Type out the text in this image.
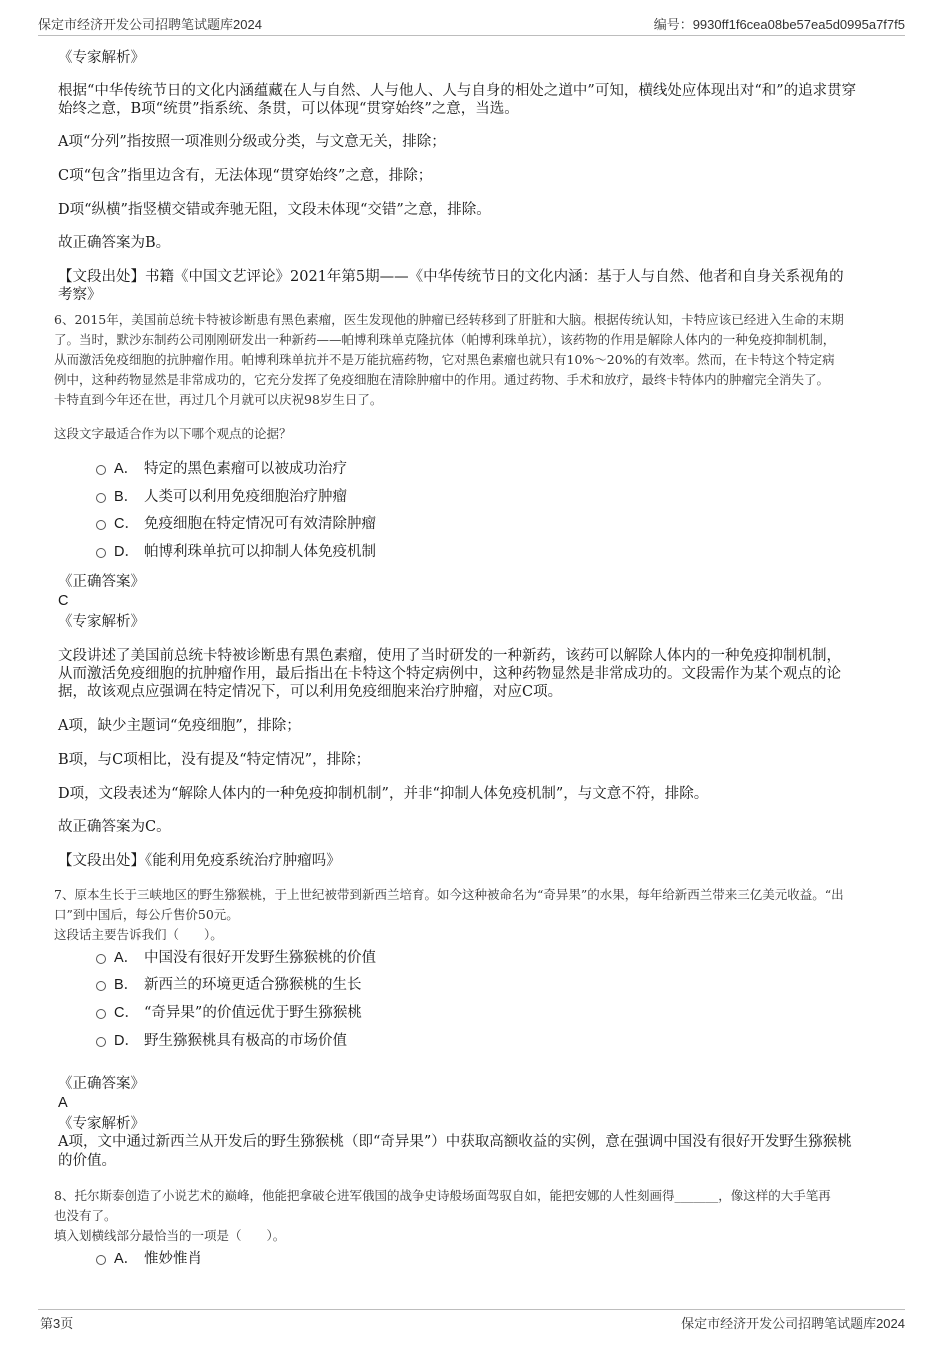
保定市经济开发公司招聘笔试题库2024	编号：9930ff1f6cea08be57ea5d0995a7f7f5
《专家解析》
根据“中华传统节日的文化内涵蕴藏在人与自然、人与他人、人与自身的相处之道中”可知，横线处应体现出对“和”的追求贯穿
始终之意，B项“统贯”指系统、条贯，可以体现“贯穿始终”之意，当选。
A项“分列”指按照一项准则分级或分类，与文意无关，排除；
C项“包含”指里边含有，无法体现“贯穿始终”之意，排除；
D项“纵横”指竖横交错或奔驰无阻，文段未体现“交错”之意，排除。
故正确答案为B。
【文段出处】书籍《中国文艺评论》2021年第5期——《中华传统节日的文化内涵：基于人与自然、他者和自身关系视角的
考察》
6、2015年，美国前总统卡特被诊断患有黑色素瘤，医生发现他的肿瘤已经转移到了肝脏和大脑。根据传统认知，卡特应该已经进入生命的末期
了。当时，默沙东制药公司刚刚研发出一种新药——帕博利珠单克隆抗体（帕博利珠单抗），该药物的作用是解除人体内的一种免疫抑制机制，
从而激活免疫细胞的抗肿瘤作用。帕博利珠单抗并不是万能抗癌药物，它对黑色素瘤也就只有10%～20%的有效率。然而，在卡特这个特定病
例中，这种药物显然是非常成功的，它充分发挥了免疫细胞在清除肿瘤中的作用。通过药物、手术和放疗，最终卡特体内的肿瘤完全消失了。
卡特直到今年还在世，再过几个月就可以庆祝98岁生日了。
这段文字最适合作为以下哪个观点的论据？
A． 特定的黑色素瘤可以被成功治疗
B． 人类可以利用免疫细胞治疗肿瘤
C． 免疫细胞在特定情况可有效清除肿瘤
D． 帕博利珠单抗可以抑制人体免疫机制
《正确答案》
C
《专家解析》
文段讲述了美国前总统卡特被诊断患有黑色素瘤，使用了当时研发的一种新药，该药可以解除人体内的一种免疫抑制机制，
从而激活免疫细胞的抗肿瘤作用，最后指出在卡特这个特定病例中，这种药物显然是非常成功的。文段需作为某个观点的论
据，故该观点应强调在特定情况下，可以利用免疫细胞来治疗肿瘤，对应C项。
A项，缺少主题词“免疫细胞”，排除；
B项，与C项相比，没有提及“特定情况”，排除；
D项，文段表述为“解除人体内的一种免疫抑制机制”，并非“抑制人体免疫机制”，与文意不符，排除。
故正确答案为C。
【文段出处】《能利用免疫系统治疗肿瘤吗》
7、原本生长于三峡地区的野生猕猴桃，于上世纪被带到新西兰培育。如今这种被命名为“奇异果”的水果，每年给新西兰带来三亿美元收益。“出
口”到中国后，每公斤售价50元。
这段话主要告诉我们（　　）。
A． 中国没有很好开发野生猕猴桃的价值
B． 新西兰的环境更适合猕猴桃的生长
C． “奇异果”的价值远优于野生猕猴桃
D． 野生猕猴桃具有极高的市场价值
《正确答案》
A
《专家解析》
A项，文中通过新西兰从开发后的野生猕猴桃（即“奇异果”）中获取高额收益的实例，意在强调中国没有很好开发野生猕猴桃
的价值。
8、托尔斯泰创造了小说艺术的巅峰，他能把拿破仑进军俄国的战争史诗般场面驾驭自如，能把安娜的人性刻画得_______，像这样的大手笔再
也没有了。
填入划横线部分最恰当的一项是（　　）。
A． 惟妙惟肖
第3页	保定市经济开发公司招聘笔试题库2024
